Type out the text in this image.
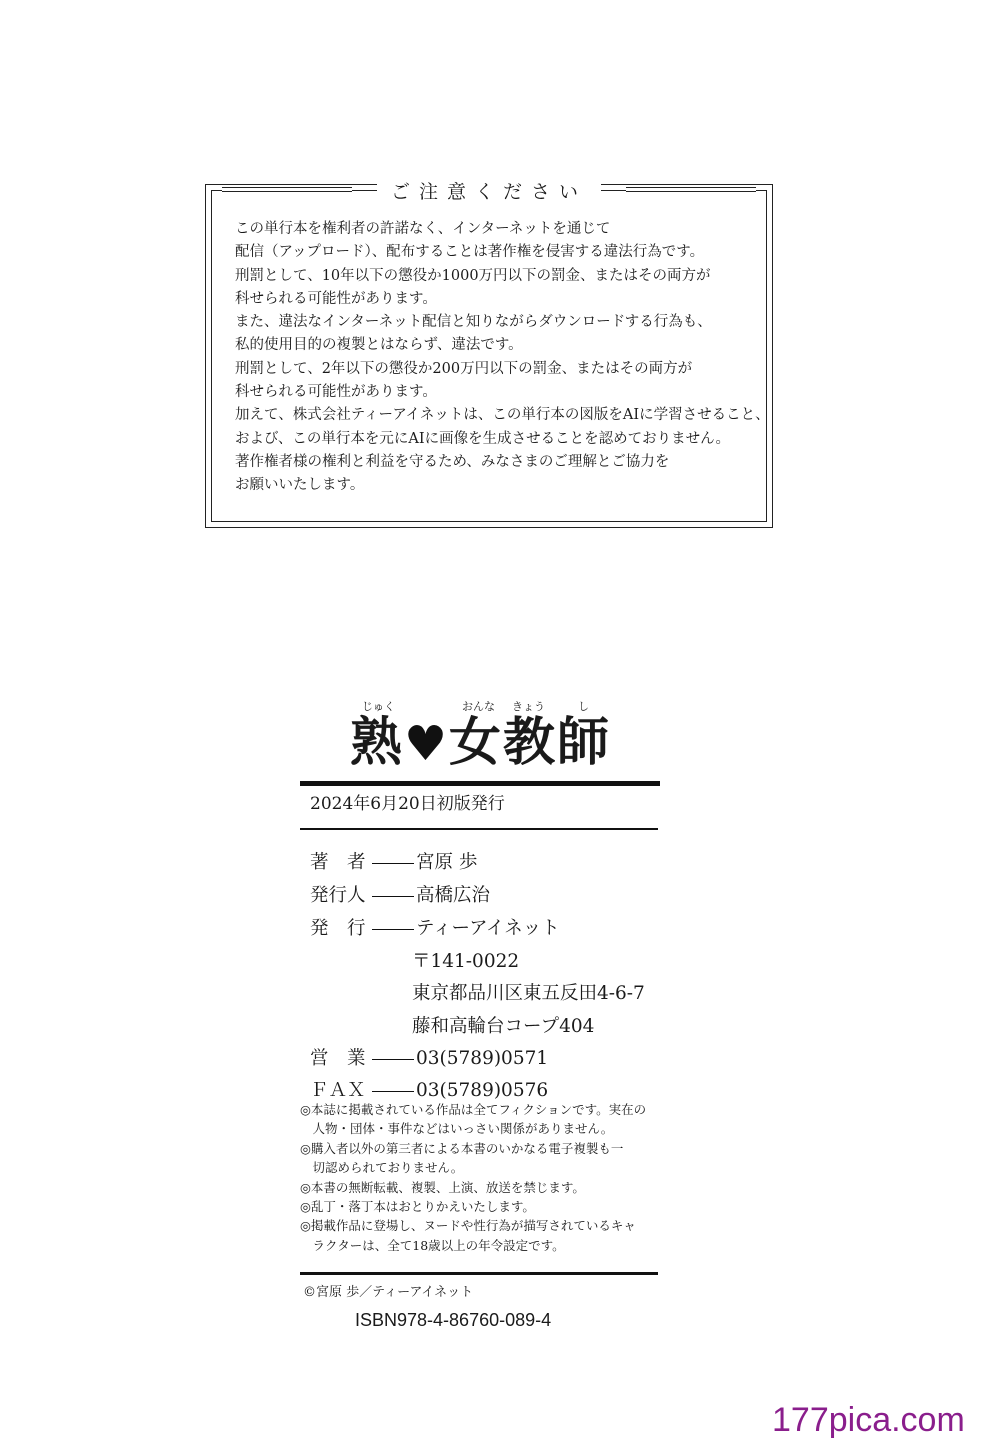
ご注意ください
この単行本を権利者の許諾なく、インターネットを通じて
配信（アップロード）、配布することは著作権を侵害する違法行為です。
刑罰として、10年以下の懲役か1000万円以下の罰金、またはその両方が
科せられる可能性があります。
また、違法なインターネット配信と知りながらダウンロードする行為も、
私的使用目的の複製とはならず、違法です。
刑罰として、2年以下の懲役か200万円以下の罰金、またはその両方が
科せられる可能性があります。
加えて、株式会社ティーアイネットは、この単行本の図版をAIに学習させること、
および、この単行本を元にAIに画像を生成させることを認めておりません。
著作権者様の権利と利益を守るため、みなさまのご理解とご協力を
お願いいたします。
じゅく	おんな きょう	し
熟♥女教師
2024年6月20日初版発行
著　者	宮原 歩
発行人	高橋広治
発　行	ティーアイネット
〒141-0022
東京都品川区東五反田4-6-7
藤和高輪台コープ404
営　業	03(5789)0571
ＦＡＸ	03(5789)0576
◎本誌に掲載されている作品は全てフィクションです。実在の
　人物・団体・事件などはいっさい関係がありません。
◎購入者以外の第三者による本書のいかなる電子複製も一
　切認められておりません。
◎本書の無断転載、複製、上演、放送を禁じます。
◎乱丁・落丁本はおとりかえいたします。
◎掲載作品に登場し、ヌードや性行為が描写されているキャ
　ラクターは、全て18歳以上の年令設定です。
©宮原 歩／ティーアイネット
ISBN978-4-86760-089-4
177pica.com
